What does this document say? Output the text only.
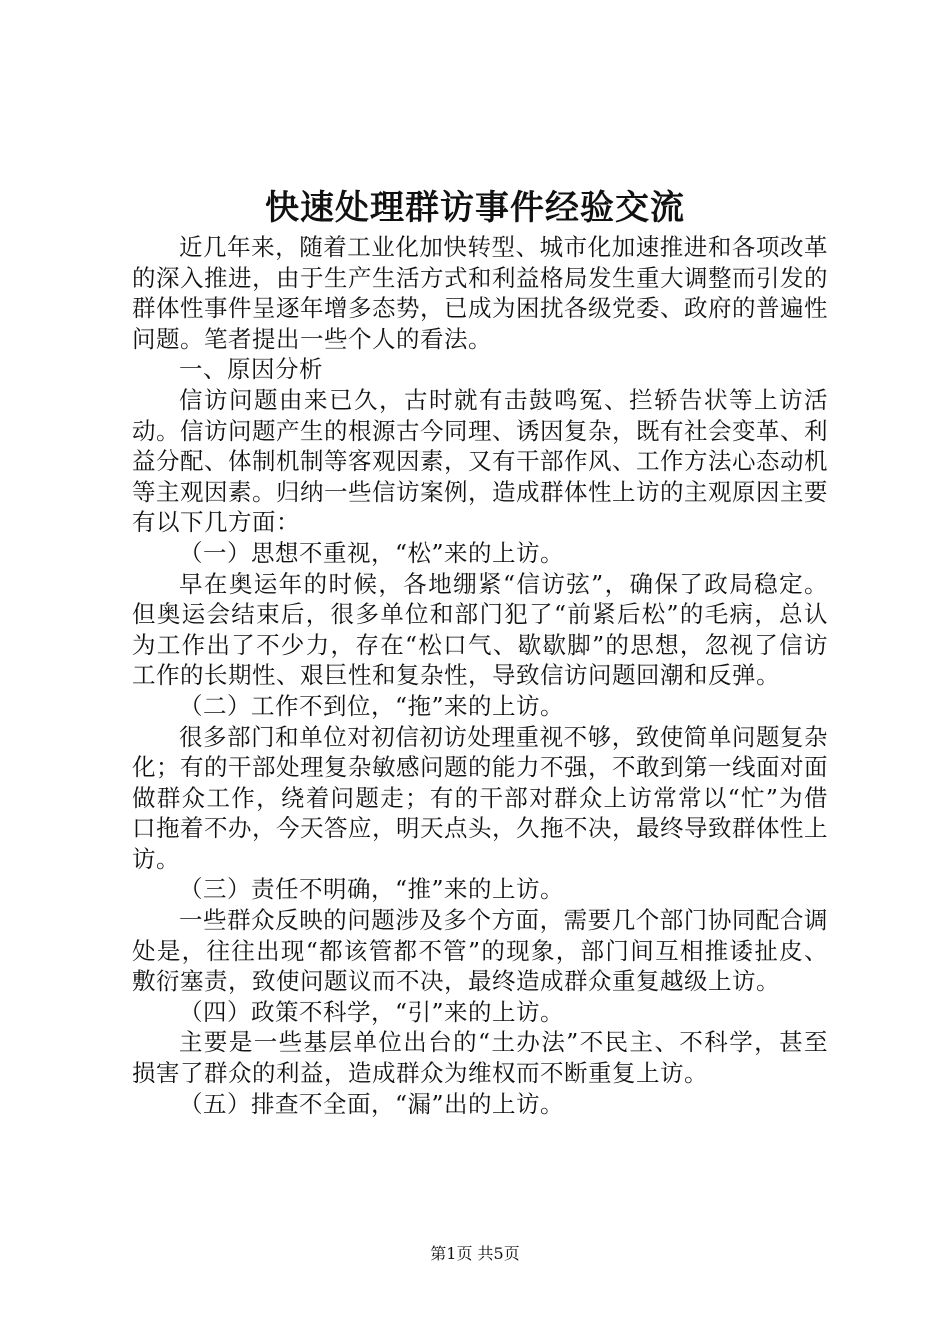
快速处理群访事件经验交流

近几年来，随着工业化加快转型、城市化加速推进和各项改革的深入推进，由于生产生活方式和利益格局发生重大调整而引发的群体性事件呈逐年增多态势，已成为困扰各级党委、政府的普遍性问题。笔者提出一些个人的看法。

一、原因分析

信访问题由来已久，古时就有击鼓鸣冤、拦轿告状等上访活动。信访问题产生的根源古今同理、诱因复杂，既有社会变革、利益分配、体制机制等客观因素，又有干部作风、工作方法心态动机等主观因素。归纳一些信访案例，造成群体性上访的主观原因主要有以下几方面：

（一）思想不重视，“松”来的上访。

早在奥运年的时候，各地绷紧“信访弦”，确保了政局稳定。但奥运会结束后，很多单位和部门犯了“前紧后松”的毛病，总认为工作出了不少力，存在“松口气、歇歇脚”的思想，忽视了信访工作的长期性、艰巨性和复杂性，导致信访问题回潮和反弹。

（二）工作不到位，“拖”来的上访。

很多部门和单位对初信初访处理重视不够，致使简单问题复杂化；有的干部处理复杂敏感问题的能力不强，不敢到第一线面对面做群众工作，绕着问题走；有的干部对群众上访常常以“忙”为借口拖着不办，今天答应，明天点头，久拖不决，最终导致群体性上访。

（三）责任不明确，“推”来的上访。

一些群众反映的问题涉及多个方面，需要几个部门协同配合调处是，往往出现“都该管都不管”的现象，部门间互相推诿扯皮、敷衍塞责，致使问题议而不决，最终造成群众重复越级上访。

（四）政策不科学，“引”来的上访。

主要是一些基层单位出台的“土办法”不民主、不科学，甚至损害了群众的利益，造成群众为维权而不断重复上访。

（五）排查不全面，“漏”出的上访。

第1页 共5页
